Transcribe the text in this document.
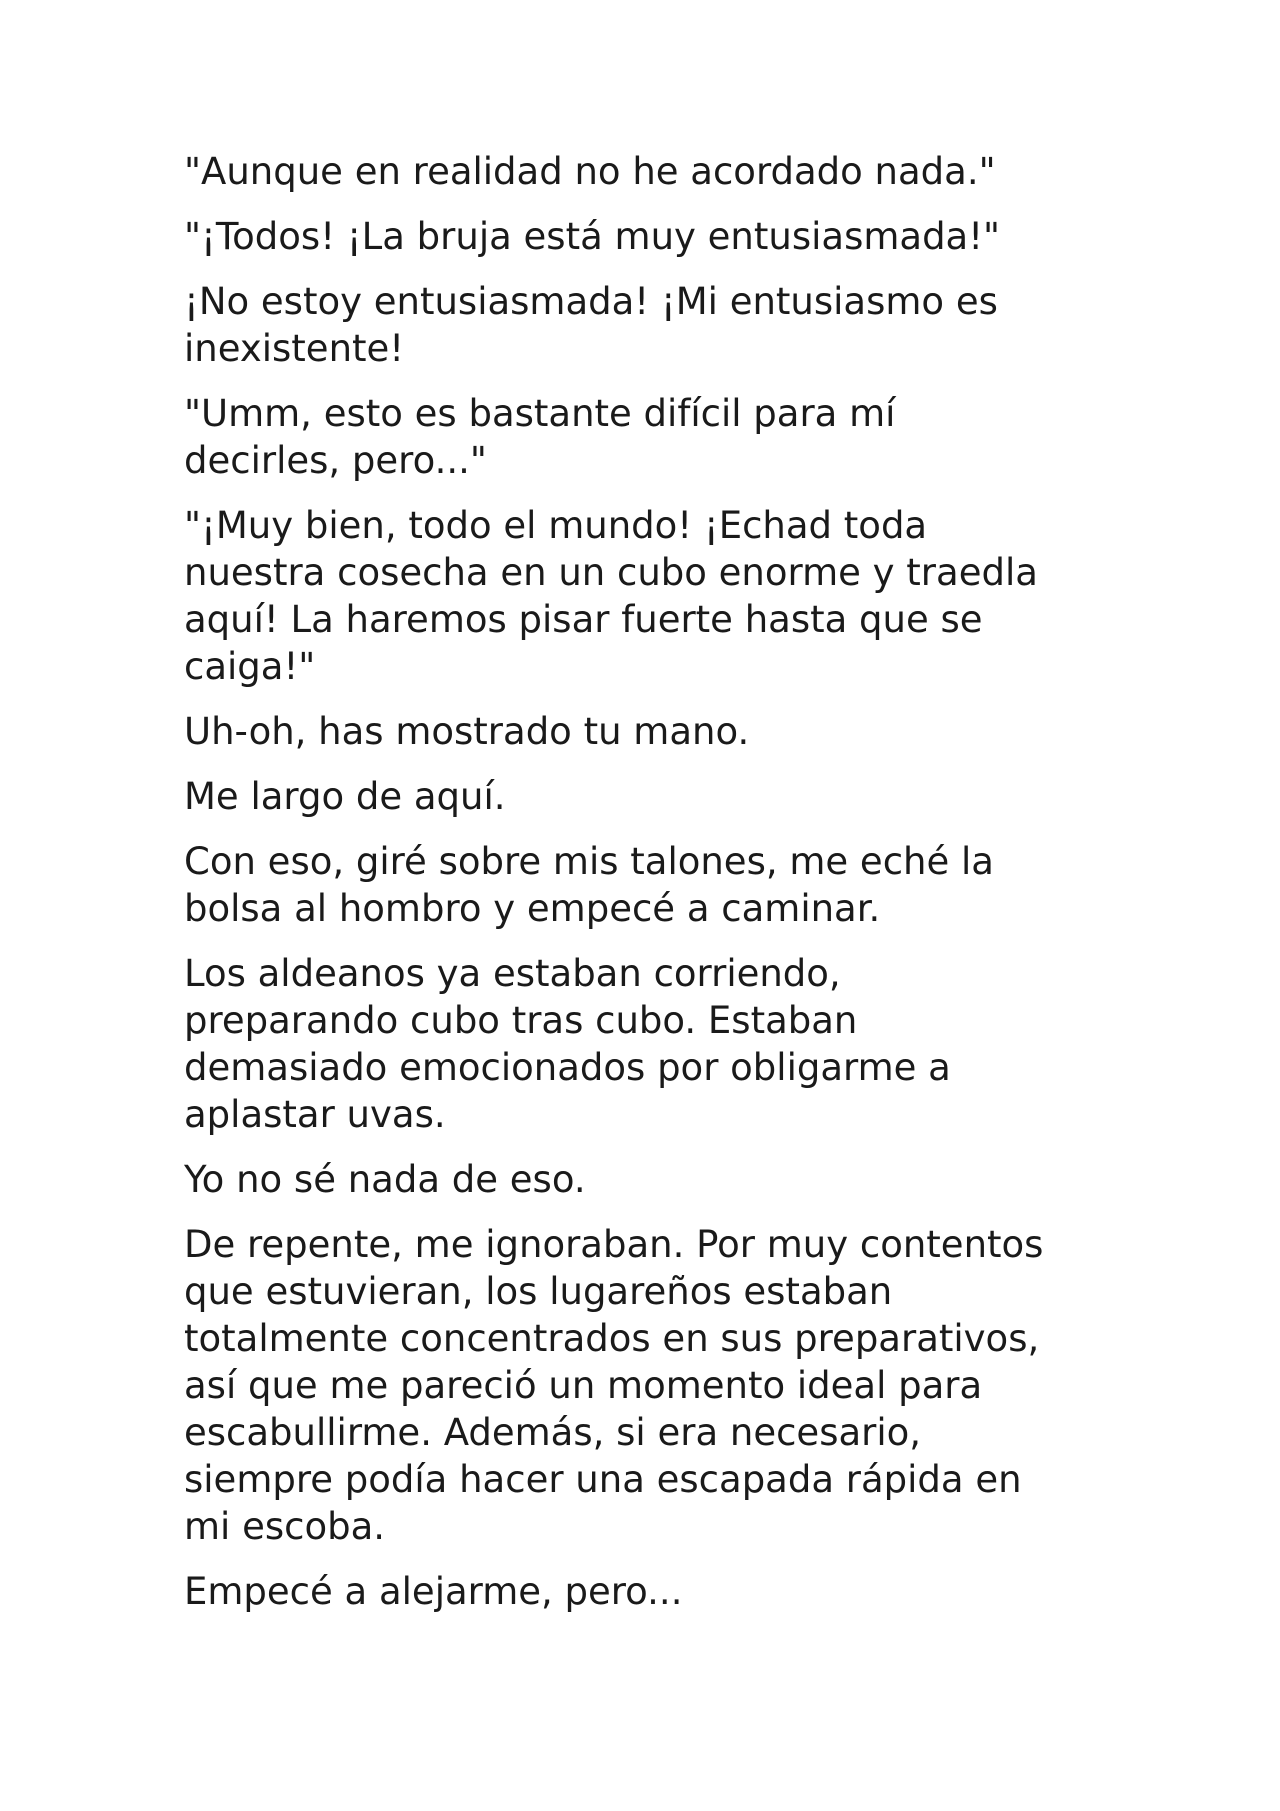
"Aunque en realidad no he acordado nada."

"¡Todos! ¡La bruja está muy entusiasmada!"

¡No estoy entusiasmada! ¡Mi entusiasmo es
inexistente!

"Umm, esto es bastante difícil para mí
decirles, pero..."

"¡Muy bien, todo el mundo! ¡Echad toda
nuestra cosecha en un cubo enorme y traedla
aquí! La haremos pisar fuerte hasta que se
caiga!"

Uh-oh, has mostrado tu mano.

Me largo de aquí.

Con eso, giré sobre mis talones, me eché la
bolsa al hombro y empecé a caminar.

Los aldeanos ya estaban corriendo,
preparando cubo tras cubo. Estaban
demasiado emocionados por obligarme a
aplastar uvas.

Yo no sé nada de eso.

De repente, me ignoraban. Por muy contentos
que estuvieran, los lugareños estaban
totalmente concentrados en sus preparativos,
así que me pareció un momento ideal para
escabullirme. Además, si era necesario,
siempre podía hacer una escapada rápida en
mi escoba.

Empecé a alejarme, pero...
